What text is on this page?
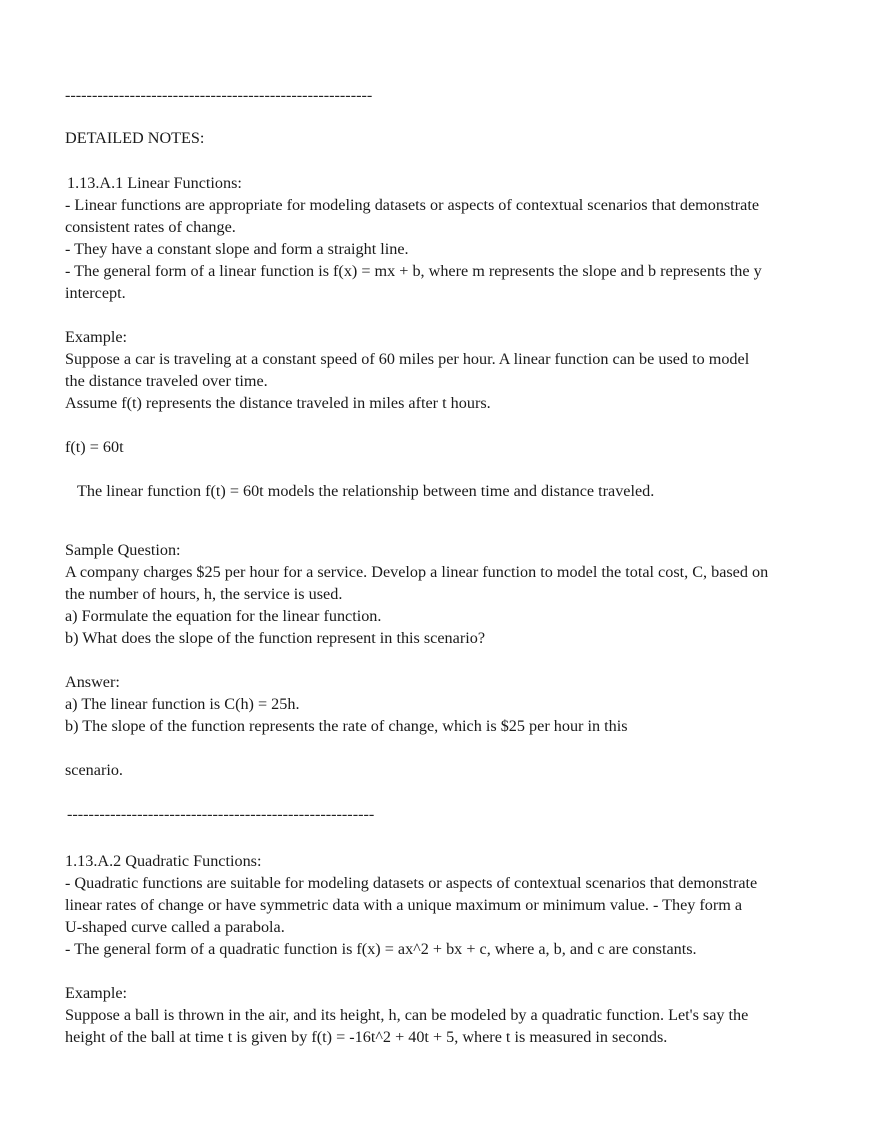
---------------------------------------------------------
DETAILED NOTES:
1.13.A.1 Linear Functions:
- Linear functions are appropriate for modeling datasets or aspects of contextual scenarios that demonstrate
consistent rates of change.
- They have a constant slope and form a straight line.
- The general form of a linear function is f(x) = mx + b, where m represents the slope and b represents the y
intercept.
Example:
Suppose a car is traveling at a constant speed of 60 miles per hour. A linear function can be used to model
the distance traveled over time.
Assume f(t) represents the distance traveled in miles after t hours.
f(t) = 60t
The linear function f(t) = 60t models the relationship between time and distance traveled.
Sample Question:
A company charges $25 per hour for a service. Develop a linear function to model the total cost, C, based on
the number of hours, h, the service is used.
a) Formulate the equation for the linear function.
b) What does the slope of the function represent in this scenario?
Answer:
a) The linear function is C(h) = 25h.
b) The slope of the function represents the rate of change, which is $25 per hour in this
scenario.
---------------------------------------------------------
1.13.A.2 Quadratic Functions:
- Quadratic functions are suitable for modeling datasets or aspects of contextual scenarios that demonstrate
linear rates of change or have symmetric data with a unique maximum or minimum value. - They form a
U-shaped curve called a parabola.
- The general form of a quadratic function is f(x) = ax^2 + bx + c, where a, b, and c are constants.
Example:
Suppose a ball is thrown in the air, and its height, h, can be modeled by a quadratic function. Let's say the
height of the ball at time t is given by f(t) = -16t^2 + 40t + 5, where t is measured in seconds.
